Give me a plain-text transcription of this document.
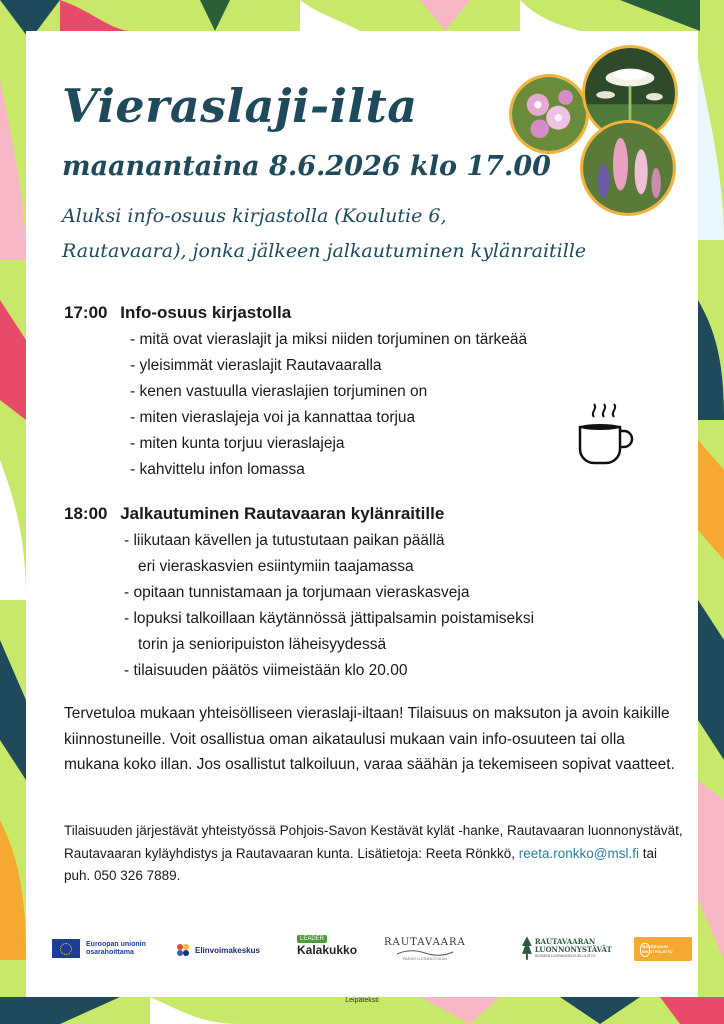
Vieraslaji-ilta
maanantaina 8.6.2026 klo 17.00

Aluksi info-osuus kirjastolla (Koulutie 6,
Rautavaara), jonka jälkeen jalkautuminen kylänraitille

17:00 Info-osuus kirjastolla

- mitä ovat vieraslajit ja miksi niiden torjuminen on tärkeää
- yleisimmät vieraslajit Rautavaaralla
- kenen vastuulla vieraslajien torjuminen on
- miten vieraslajeja voi ja kannattaa torjua
- miten kunta torjuu vieraslajeja
- kahvittelu infon lomassa

18:00 Jalkautuminen Rautavaaran kylänraitille

- liikutaan kävellen ja tutustutaan paikan päällä
eri vieraskasvien esiintymiin taajamassa
- opitaan tunnistamaan ja torjumaan vieraskasveja
- lopuksi talkoillaan käytännössä jättipalsamin poistamiseksi
torin ja senioripuiston läheisyydessä
- tilaisuuden päätös viimeistään klo 20.00

Tervetuloa mukaan yhteisölliseen vieraslaji-iltaan! Tilaisuus on maksuton ja avoin kaikille kiinnostuneille. Voit osallistua oman aikataulusi mukaan vain info-osuuteen tai olla mukana koko illan. Jos osallistut talkoiluun, varaa säähän ja tekemiseen sopivat vaatteet.

Tilaisuuden järjestävät yhteistyössä Pohjois-Savon Kestävät kylät -hanke, Rautavaaran luonnonystävät, Rautavaaran kyläyhdistys ja Rautavaaran kunta. Lisätietoja: Reeta Rönkkö, reeta.ronkko@msl.fi tai puh. 050 326 7889.

Euroopan unionin osarahoittama	Elinvoimakeskus
LEADER
Kalakukko
RAUTAVAARA
PARAS LUONNOSTAAN
RAUTAVAARAN LUONNONYSTÄVÄT
SUOMEN LUONNONSUOJELULIITTO
MAASEUDUN SIVISTYSLIITTO
Leipäteksti
